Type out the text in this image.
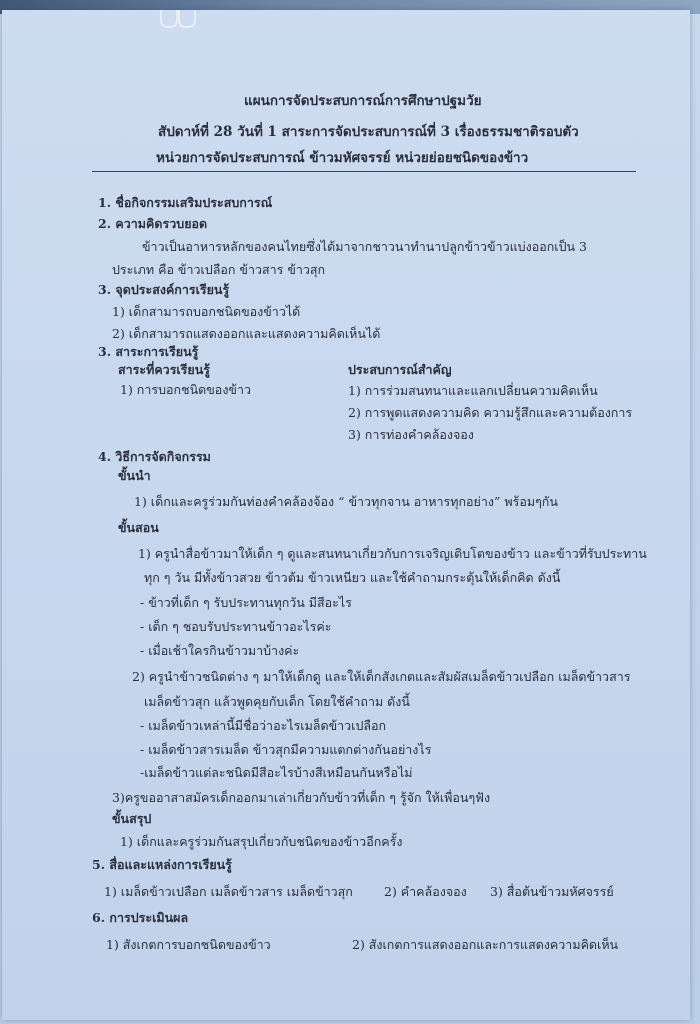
แผนการจัดประสบการณ์การศึกษาปฐมวัย
สัปดาห์ที่ 28 วันที่ 1 สาระการจัดประสบการณ์ที่ 3 เรื่องธรรมชาติรอบตัว
หน่วยการจัดประสบการณ์ ข้าวมหัศจรรย์ หน่วยย่อยชนิดของข้าว
1. ชื่อกิจกรรมเสริมประสบการณ์
2. ความคิดรวบยอด
ข้าวเป็นอาหารหลักของคนไทยซึ่งได้มาจากชาวนาทำนาปลูกข้าวข้าวแบ่งออกเป็น 3
ประเภท คือ ข้าวเปลือก ข้าวสาร ข้าวสุก
3. จุดประสงค์การเรียนรู้
1) เด็กสามารถบอกชนิดของข้าวได้
2) เด็กสามารถแสดงออกและแสดงความคิดเห็นได้
3. สาระการเรียนรู้
สาระที่ควรเรียนรู้
1) การบอกชนิดของข้าว
ประสบการณ์สำคัญ
1) การร่วมสนทนาและแลกเปลี่ยนความคิดเห็น
2) การพูดแสดงความคิด ความรู้สึกและความต้องการ
3) การท่องคำคล้องจอง
4. วิธีการจัดกิจกรรม
ขั้นนำ
1) เด็กและครูร่วมกันท่องคำคล้องจ้อง “ ข้าวทุกจาน อาหารทุกอย่าง” พร้อมๆกัน
ขั้นสอน
1) ครูนำสื่อข้าวมาให้เด็ก ๆ ดูและสนทนาเกี่ยวกับการเจริญเติบโตของข้าว และข้าวที่รับประทาน
ทุก ๆ วัน มีทั้งข้าวสวย ข้าวต้ม ข้าวเหนียว และใช้คำถามกระตุ้นให้เด็กคิด ดังนี้
- ข้าวที่เด็ก ๆ รับประทานทุกวัน มีสีอะไร
- เด็ก ๆ ชอบรับประทานข้าวอะไรค่ะ
- เมื่อเช้าใครกินข้าวมาบ้างค่ะ
2) ครูนำข้าวชนิดต่าง ๆ มาให้เด็กดู และให้เด็กสังเกตและสัมผัสเมล็ดข้าวเปลือก เมล็ดข้าวสาร
เมล็ดข้าวสุก แล้วพูดคุยกับเด็ก โดยใช้คำถาม ดังนี้
- เมล็ดข้าวเหล่านี้มีชื่อว่าอะไรเมล็ดข้าวเปลือก
- เมล็ดข้าวสารเมล็ด ข้าวสุกมีความแตกต่างกันอย่างไร
-เมล็ดข้าวแต่ละชนิดมีสีอะไรบ้างสีเหมือนกันหรือไม่
3)ครูขออาสาสมัครเด็กออกมาเล่าเกี่ยวกับข้าวที่เด็ก ๆ รู้จัก ให้เพื่อนๆฟัง
ขั้นสรุป
1) เด็กและครูร่วมกันสรุปเกี่ยวกับชนิดของข้าวอีกครั้ง
5. สื่อและแหล่งการเรียนรู้
1) เมล็ดข้าวเปลือก เมล็ดข้าวสาร เมล็ดข้าวสุก 2) คำคล้องจอง 3) สื่อต้นข้าวมหัศจรรย์
6. การประเมินผล
1) สังเกตการบอกชนิดของข้าว	2) สังเกตการแสดงออกและการแสดงความคิดเห็น
